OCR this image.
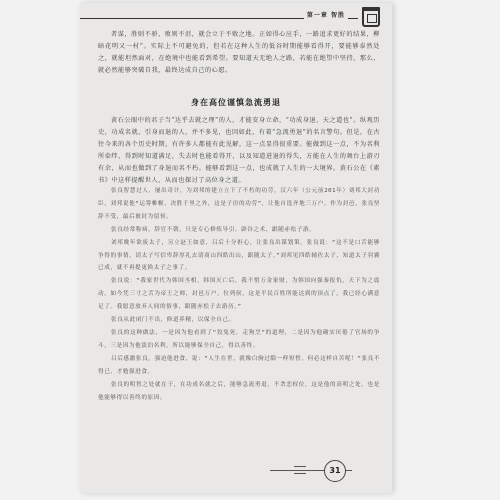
第一章 智胜

者谋，胜则不骄，败则不沮，就会立于不败之地。正如得心应手，一路追求更好的结果，柳暗花明又一村”。实际上不可避免的，但若在这种人生的低谷时期能够看得开，要能够泰然处之，就能坦然面对，在绝境中也能看到希望。要知道天无绝人之路，若能在绝望中坚持，那么，就必然能够突破自我，最终达成自己的心愿。

身在高位谨慎急流勇退

黄石公眼中的君子当“达乎去就之理”的人，才能安身立命，“功成身退，天之道也”。纵观历史，功成名就，引身而退的人，并不多见，也因如此，有着“急流勇退”的名言警句。但是，在古往今来的各个历史时期，有许多人都能有此见解，这一点显得很重要。能做到这一点，不为名利所牵绊，得到时知道满足，失去时也能看得开，以及知道进退的得失，方能在人生的舞台上游刃有余，从而也做到了身退而名不朽。能够看到这一点，也成就了人生的一大境界。黄石公在《素书》中这样提醒世人，从而也探讨了高位身之道。

张良智慧过人，屡出奇计，为刘邦的建立立下了不朽的功劳，汉六年（公元前201年）刘邦大封功臣，刘邦说他“运筹帷幄，决胜千里之外，这是子房的功劳”，让他自选齐地三万户，作为封邑，张良坚辞不受，最后被封为留侯。

张良经常称病，辞官不朝，只是专心修炼导引、辟谷之术，跟随赤松子游。

刘邦晚年欲废太子，另立赵王如意，吕后十分担心，让张良出谋划策。张良说：“这不是口舌能够争得的事情，请太子写信卑辞厚礼去请商山四皓出山，跟随太子。”刘邦见四皓辅佐太子，知道太子羽翼已成，就不再提更换太子之事了。

张良说：“我家世代为韩国丞相，韩国灭亡后，我不惜万金家财，为韩国向强秦报仇，天下为之震动。如今凭三寸之舌为帝王之师，封邑万户，位列侯，这是平民百姓所能达到的顶点了，我已经心满意足了。我愿意放弃人间的俗事，跟随赤松子去游历。”

张良从此闭门不出，修道养精，以保全自己。

张良的这种做法，一是因为他看到了“狡兔死，走狗烹”的道理，二是因为他确实厌倦了官场的争斗，三是因为他淡泊名利，所以能够保全自己，得以善终。

吕后感激张良，强迫他进食，说：“人生在世，就像白驹过隙一样短暂，何必这样自苦呢！”张良不得已，才勉强进食。

张良的明智之处就在于，在功成名就之后，能够急流勇退，不贪恋权位，这是他的高明之处，也是他能够得以善终的原因。

31
